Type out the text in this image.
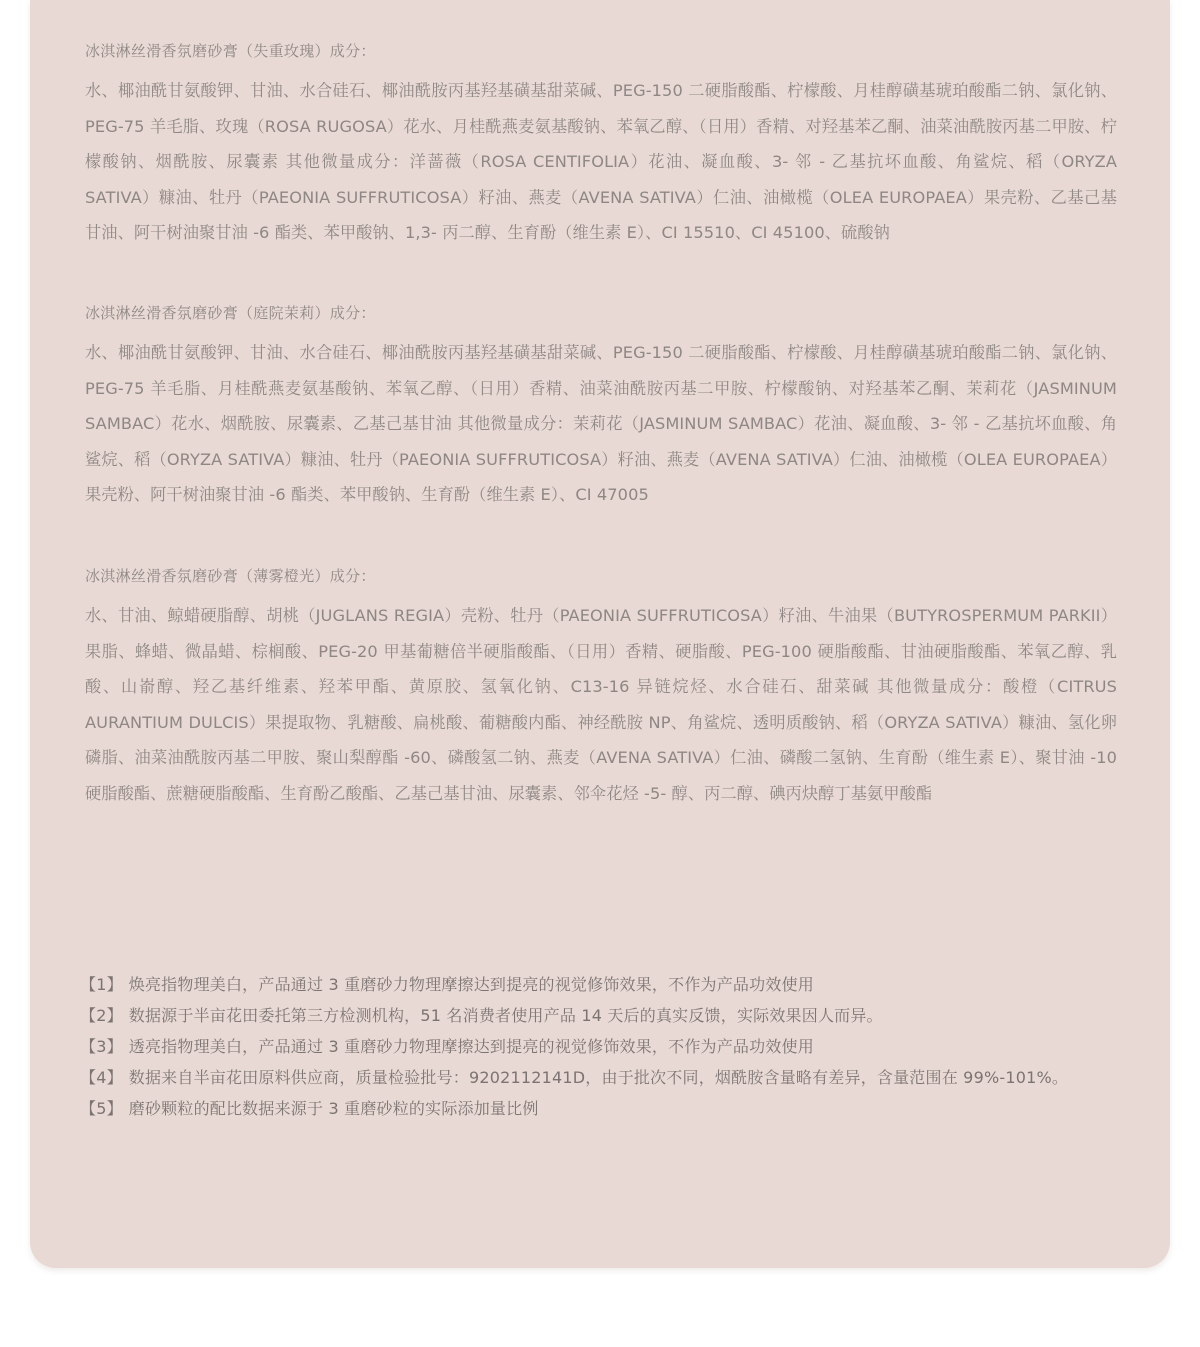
冰淇淋丝滑香氛磨砂膏（失重玫瑰）成分：

水、椰油酰甘氨酸钾、甘油、水合硅石、椰油酰胺丙基羟基磺基甜菜碱、PEG-150 二硬脂酸酯、柠檬酸、月桂醇磺基琥珀酸酯二钠、氯化钠、PEG-75 羊毛脂、玫瑰（ROSA RUGOSA）花水、月桂酰燕麦氨基酸钠、苯氧乙醇、（日用）香精、对羟基苯乙酮、油菜油酰胺丙基二甲胺、柠檬酸钠、烟酰胺、尿囊素 其他微量成分：洋蔷薇（ROSA CENTIFOLIA）花油、凝血酸、3- 邻 - 乙基抗坏血酸、角鲨烷、稻（ORYZA SATIVA）糠油、牡丹（PAEONIA SUFFRUTICOSA）籽油、燕麦（AVENA SATIVA）仁油、油橄榄（OLEA EUROPAEA）果壳粉、乙基己基甘油、阿干树油聚甘油 -6 酯类、苯甲酸钠、1,3- 丙二醇、生育酚（维生素 E）、CI 15510、CI 45100、硫酸钠

冰淇淋丝滑香氛磨砂膏（庭院茉莉）成分：

水、椰油酰甘氨酸钾、甘油、水合硅石、椰油酰胺丙基羟基磺基甜菜碱、PEG-150 二硬脂酸酯、柠檬酸、月桂醇磺基琥珀酸酯二钠、氯化钠、PEG-75 羊毛脂、月桂酰燕麦氨基酸钠、苯氧乙醇、（日用）香精、油菜油酰胺丙基二甲胺、柠檬酸钠、对羟基苯乙酮、茉莉花（JASMINUM SAMBAC）花水、烟酰胺、尿囊素、乙基己基甘油 其他微量成分：茉莉花（JASMINUM SAMBAC）花油、凝血酸、3- 邻 - 乙基抗坏血酸、角鲨烷、稻（ORYZA SATIVA）糠油、牡丹（PAEONIA SUFFRUTICOSA）籽油、燕麦（AVENA SATIVA）仁油、油橄榄（OLEA EUROPAEA）果壳粉、阿干树油聚甘油 -6 酯类、苯甲酸钠、生育酚（维生素 E）、CI 47005

冰淇淋丝滑香氛磨砂膏（薄雾橙光）成分：

水、甘油、鲸蜡硬脂醇、胡桃（JUGLANS REGIA）壳粉、牡丹（PAEONIA SUFFRUTICOSA）籽油、牛油果（BUTYROSPERMUM PARKII）果脂、蜂蜡、微晶蜡、棕榈酸、PEG-20 甲基葡糖倍半硬脂酸酯、（日用）香精、硬脂酸、PEG-100 硬脂酸酯、甘油硬脂酸酯、苯氧乙醇、乳酸、山嵛醇、羟乙基纤维素、羟苯甲酯、黄原胶、氢氧化钠、C13-16 异链烷烃、水合硅石、甜菜碱 其他微量成分：酸橙（CITRUS AURANTIUM DULCIS）果提取物、乳糖酸、扁桃酸、葡糖酸内酯、神经酰胺 NP、角鲨烷、透明质酸钠、稻（ORYZA SATIVA）糠油、氢化卵磷脂、油菜油酰胺丙基二甲胺、聚山梨醇酯 -60、磷酸氢二钠、燕麦（AVENA SATIVA）仁油、磷酸二氢钠、生育酚（维生素 E）、聚甘油 -10 硬脂酸酯、蔗糖硬脂酸酯、生育酚乙酸酯、乙基己基甘油、尿囊素、邻伞花烃 -5- 醇、丙二醇、碘丙炔醇丁基氨甲酸酯

【1】 焕亮指物理美白，产品通过 3 重磨砂力物理摩擦达到提亮的视觉修饰效果，不作为产品功效使用
【2】 数据源于半亩花田委托第三方检测机构，51 名消费者使用产品 14 天后的真实反馈，实际效果因人而异。
【3】 透亮指物理美白，产品通过 3 重磨砂力物理摩擦达到提亮的视觉修饰效果，不作为产品功效使用
【4】 数据来自半亩花田原料供应商，质量检验批号：9202112141D，由于批次不同，烟酰胺含量略有差异，含量范围在 99%-101%。
【5】 磨砂颗粒的配比数据来源于 3 重磨砂粒的实际添加量比例
